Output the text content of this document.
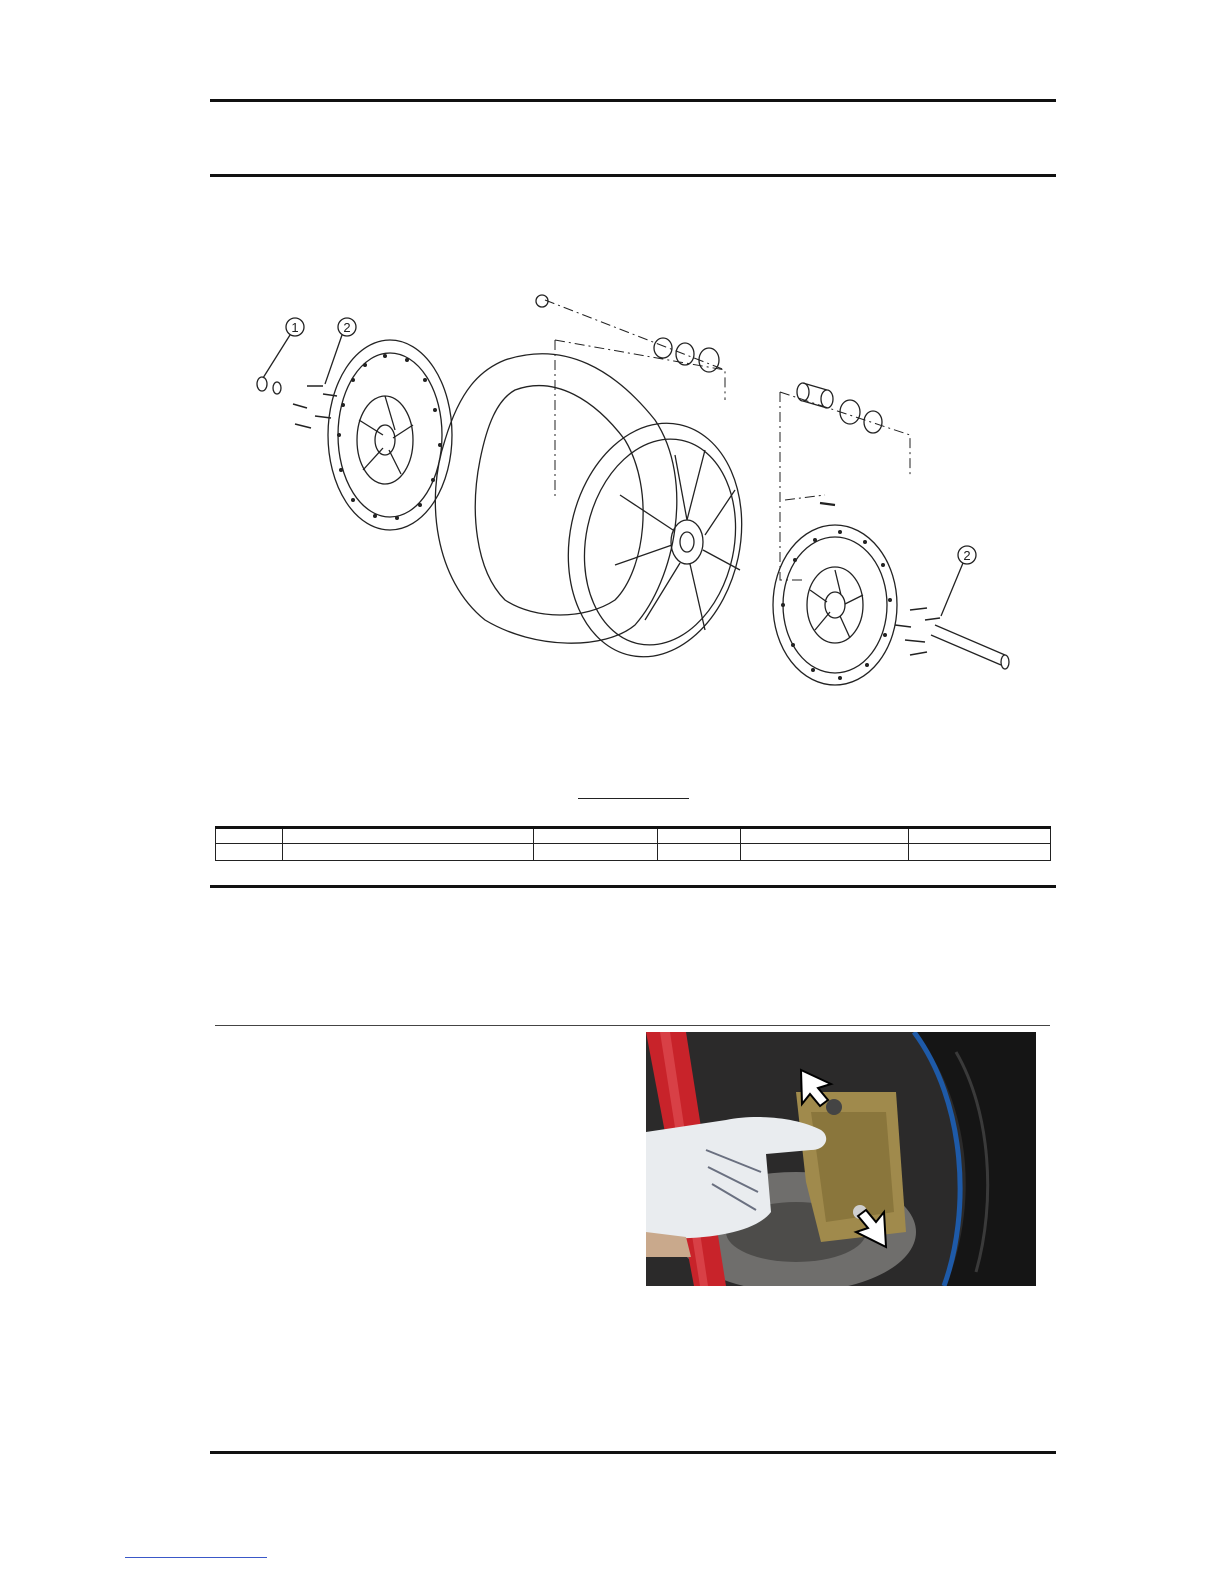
1	2
2
